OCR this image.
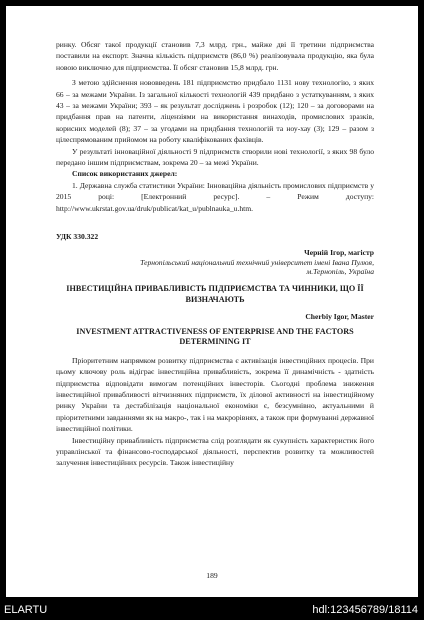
ринку. Обсяг такої продукції становив 7,3 млрд. грн., майже дві її третини підприємства поставили на експорт. Значна кількість підприємств (86,0 %) реалізовувала продукцію, яка була новою виключно для підприємства. Її обсяг становив 15,8 млрд. грн.

З метою здійснення нововведень 181 підприємство придбало 1131 нову технологію, з яких 66 – за межами України. Із загальної кількості технологій 439 придбано з устаткуванням, з яких 43 – за межами України; 393 – як результат досліджень і розробок (12); 120 – за договорами на придбання прав на патенти, ліцензіями на використання винаходів, промислових зразків, корисних моделей (8); 37 – за угодами на придбання технологій та ноу-хау (3); 129 – разом з цілеспрямованим прийомом на роботу кваліфікованих фахівців.

У результаті інноваційної діяльності 9 підприємств створили нові технології, з яких 98 було передано іншим підприємствам, зокрема 20 – за межі України.

Список використаних джерел:

1. Державна служба статистики України: Інноваційна діяльність промислових підприємств у 2015 році: [Електронний ресурс]. – Режим доступу: http://www.ukrstat.gov.ua/druk/publicat/kat_u/publnauka_u.htm.

УДК 330.322

Черній Ігор, магістр

Тернопільський національний технічний університет імені Івана Пулюя,

м.Тернопіль, Україна

ІНВЕСТИЦІЙНА ПРИВАБЛИВІСТЬ ПІДПРИЄМСТВА ТА ЧИННИКИ, ЩО ЇЇ ВИЗНАЧАЮТЬ

Cherbiy Igor, Master

INVESTMENT ATTRACTIVENESS OF ENTERPRISE AND THE FACTORS DETERMINING IT

Пріоритетним напрямком розвитку підприємства є активізація інвестиційних процесів. При цьому ключову роль відіграє інвестиційна привабливість, зокрема її динамічність - здатність підприємства відповідати вимогам потенційних інвесторів. Сьогодні проблема зниження інвестиційної привабливості вітчизняних підприємств, їх ділової активності на інвестиційному ринку України та дестабілізація національної економіки є, безсумнівно, актуальними й пріоритетними завданнями як на макро-, так і на макрорівнях, а також при формуванні державної інвестиційної політики.

Інвестиційну привабливість підприємства слід розглядати як сукупність характеристик його управлінської та фінансово-господарської діяльності, перспектив розвитку та можливостей залучення інвестиційних ресурсів. Також інвестиційну

189
ELARTU	hdl:123456789/18114
